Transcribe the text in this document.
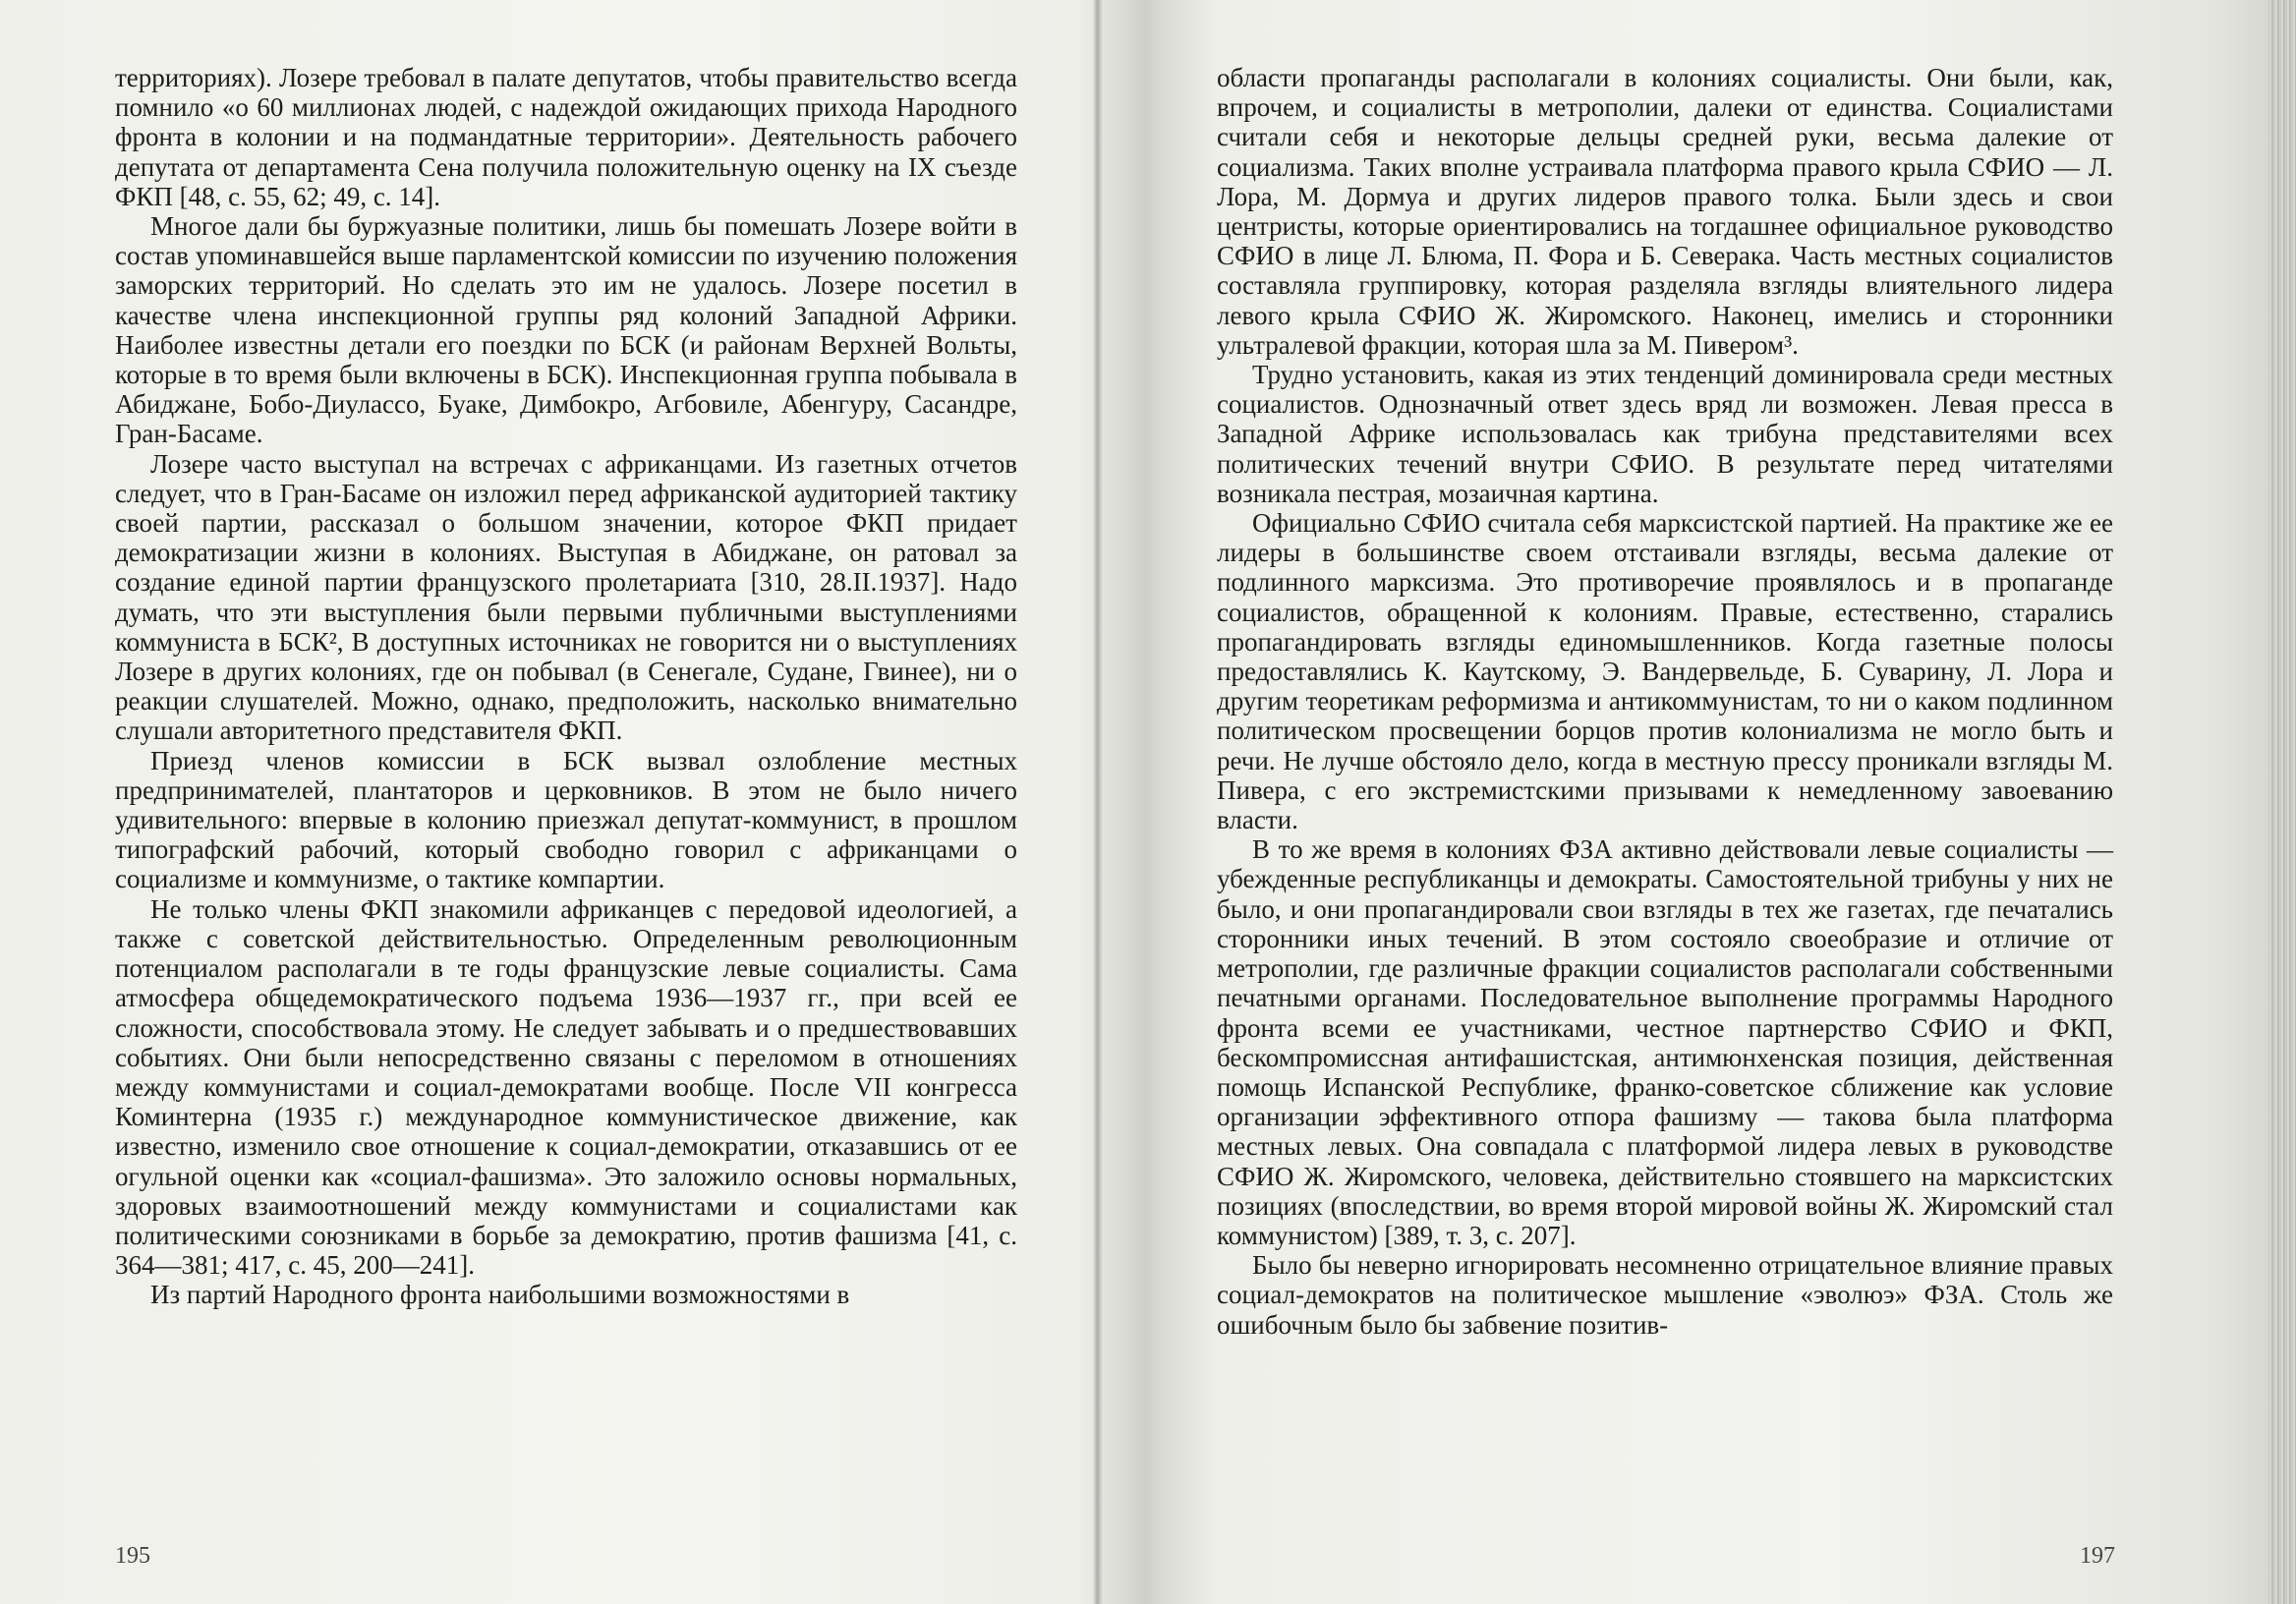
территориях). Лозере требовал в палате депутатов, чтобы правительство всегда помнило «о 60 миллионах людей, с надеждой ожидающих прихода Народного фронта в колонии и на подмандатные территории». Деятельность рабочего депутата от департамента Сена получила положительную оценку на IX съезде ФКП [48, с. 55, 62; 49, с. 14].

Многое дали бы буржуазные политики, лишь бы помешать Лозере войти в состав упоминавшейся выше парламентской комиссии по изучению положения заморских территорий. Но сделать это им не удалось. Лозере посетил в качестве члена инспекционной группы ряд колоний Западной Африки. Наиболее известны детали его поездки по БСК (и районам Верхней Вольты, которые в то время были включены в БСК). Инспекционная группа побывала в Абиджане, Бобо-Диулассо, Буаке, Димбокро, Агбовиле, Абенгуру, Сасандре, Гран-Басаме.

Лозере часто выступал на встречах с африканцами. Из газетных отчетов следует, что в Гран-Басаме он изложил перед африканской аудиторией тактику своей партии, рассказал о большом значении, которое ФКП придает демократизации жизни в колониях. Выступая в Абиджане, он ратовал за создание единой партии французского пролетариата [310, 28.II.1937]. Надо думать, что эти выступления были первыми публичными выступлениями коммуниста в БСК², В доступных источниках не говорится ни о выступлениях Лозере в других колониях, где он побывал (в Сенегале, Судане, Гвинее), ни о реакции слушателей. Можно, однако, предположить, насколько внимательно слушали авторитетного представителя ФКП.

Приезд членов комиссии в БСК вызвал озлобление местных предпринимателей, плантаторов и церковников. В этом не было ничего удивительного: впервые в колонию приезжал депутат-коммунист, в прошлом типографский рабочий, который свободно говорил с африканцами о социализме и коммунизме, о тактике компартии.

Не только члены ФКП знакомили африканцев с передовой идеологией, а также с советской действительностью. Определенным революционным потенциалом располагали в те годы французские левые социалисты. Сама атмосфера общедемократического подъема 1936—1937 гг., при всей ее сложности, способствовала этому. Не следует забывать и о предшествовавших событиях. Они были непосредственно связаны с переломом в отношениях между коммунистами и социал-демократами вообще. После VII конгресса Коминтерна (1935 г.) международное коммунистическое движение, как известно, изменило свое отношение к социал-демократии, отказавшись от ее огульной оценки как «социал-фашизма». Это заложило основы нормальных, здоровых взаимоотношений между коммунистами и социалистами как политическими союзниками в борьбе за демократию, против фашизма [41, с. 364—381; 417, с. 45, 200—241].

Из партий Народного фронта наибольшими возможностями в

195

области пропаганды располагали в колониях социалисты. Они были, как, впрочем, и социалисты в метрополии, далеки от единства. Социалистами считали себя и некоторые дельцы средней руки, весьма далекие от социализма. Таких вполне устраивала платформа правого крыла СФИО — Л. Лора, М. Дормуа и других лидеров правого толка. Были здесь и свои центристы, которые ориентировались на тогдашнее официальное руководство СФИО в лице Л. Блюма, П. Фора и Б. Северака. Часть местных социалистов составляла группировку, которая разделяла взгляды влиятельного лидера левого крыла СФИО Ж. Жиромского. Наконец, имелись и сторонники ультралевой фракции, которая шла за М. Пивером³.

Трудно установить, какая из этих тенденций доминировала среди местных социалистов. Однозначный ответ здесь вряд ли возможен. Левая пресса в Западной Африке использовалась как трибуна представителями всех политических течений внутри СФИО. В результате перед читателями возникала пестрая, мозаичная картина.

Официально СФИО считала себя марксистской партией. На практике же ее лидеры в большинстве своем отстаивали взгляды, весьма далекие от подлинного марксизма. Это противоречие проявлялось и в пропаганде социалистов, обращенной к колониям. Правые, естественно, старались пропагандировать взгляды единомышленников. Когда газетные полосы предоставлялись К. Каутскому, Э. Вандервельде, Б. Суварину, Л. Лора и другим теоретикам реформизма и антикоммунистам, то ни о каком подлинном политическом просвещении борцов против колониализма не могло быть и речи. Не лучше обстояло дело, когда в местную прессу проникали взгляды М. Пивера, с его экстремистскими призывами к немедленному завоеванию власти.

В то же время в колониях ФЗА активно действовали левые социалисты — убежденные республиканцы и демократы. Самостоятельной трибуны у них не было, и они пропагандировали свои взгляды в тех же газетах, где печатались сторонники иных течений. В этом состояло своеобразие и отличие от метрополии, где различные фракции социалистов располагали собственными печатными органами. Последовательное выполнение программы Народного фронта всеми ее участниками, честное партнерство СФИО и ФКП, бескомпромиссная антифашистская, антимюнхенская позиция, действенная помощь Испанской Республике, франко-советское сближение как условие организации эффективного отпора фашизму — такова была платформа местных левых. Она совпадала с платформой лидера левых в руководстве СФИО Ж. Жиромского, человека, действительно стоявшего на марксистских позициях (впоследствии, во время второй мировой войны Ж. Жиромский стал коммунистом) [389, т. 3, с. 207].

Было бы неверно игнорировать несомненно отрицательное влияние правых социал-демократов на политическое мышление «эволюэ» ФЗА. Столь же ошибочным было бы забвение позитив-

197
